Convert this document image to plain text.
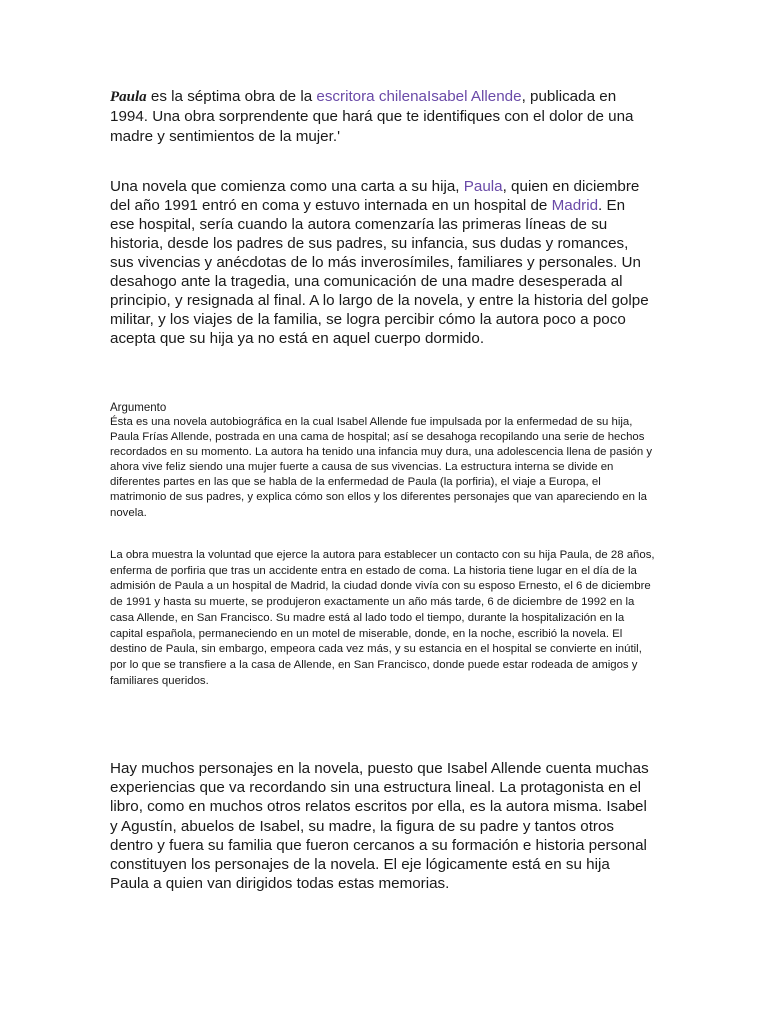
Paula es la séptima obra de la escritora chilenaIsabel Allende, publicada en 1994. Una obra sorprendente que hará que te identifiques con el dolor de una madre y sentimientos de la mujer.'

Una novela que comienza como una carta a su hija, Paula, quien en diciembre del año 1991 entró en coma y estuvo internada en un hospital de Madrid. En ese hospital, sería cuando la autora comenzaría las primeras líneas de su historia, desde los padres de sus padres, su infancia, sus dudas y romances, sus vivencias y anécdotas de lo más inverosímiles, familiares y personales. Un desahogo ante la tragedia, una comunicación de una madre desesperada al principio, y resignada al final. A lo largo de la novela, y entre la historia del golpe militar, y los viajes de la familia, se logra percibir cómo la autora poco a poco acepta que su hija ya no está en aquel cuerpo dormido.

Argumento

Ésta es una novela autobiográfica en la cual Isabel Allende fue impulsada por la enfermedad de su hija, Paula Frías Allende, postrada en una cama de hospital; así se desahoga recopilando una serie de hechos recordados en su momento. La autora ha tenido una infancia muy dura, una adolescencia llena de pasión y ahora vive feliz siendo una mujer fuerte a causa de sus vivencias. La estructura interna se divide en diferentes partes en las que se habla de la enfermedad de Paula (la porfiria), el viaje a Europa, el matrimonio de sus padres, y explica cómo son ellos y los diferentes personajes que van apareciendo en la novela.

La obra muestra la voluntad que ejerce la autora para establecer un contacto con su hija Paula, de 28 años, enferma de porfiria que tras un accidente entra en estado de coma. La historia tiene lugar en el día de la admisión de Paula a un hospital de Madrid, la ciudad donde vivía con su esposo Ernesto, el 6 de diciembre de 1991 y hasta su muerte, se produjeron exactamente un año más tarde, 6 de diciembre de 1992 en la casa Allende, en San Francisco. Su madre está al lado todo el tiempo, durante la hospitalización en la capital española, permaneciendo en un motel de miserable, donde, en la noche, escribió la novela. El destino de Paula, sin embargo, empeora cada vez más, y su estancia en el hospital se convierte en inútil, por lo que se transfiere a la casa de Allende, en San Francisco, donde puede estar rodeada de amigos y familiares queridos.

Hay muchos personajes en la novela, puesto que Isabel Allende cuenta muchas experiencias que va recordando sin una estructura lineal. La protagonista en el libro, como en muchos otros relatos escritos por ella, es la autora misma. Isabel y Agustín, abuelos de Isabel, su madre, la figura de su padre y tantos otros dentro y fuera su familia que fueron cercanos a su formación e historia personal constituyen los personajes de la novela. El eje lógicamente está en su hija Paula a quien van dirigidos todas estas memorias.
